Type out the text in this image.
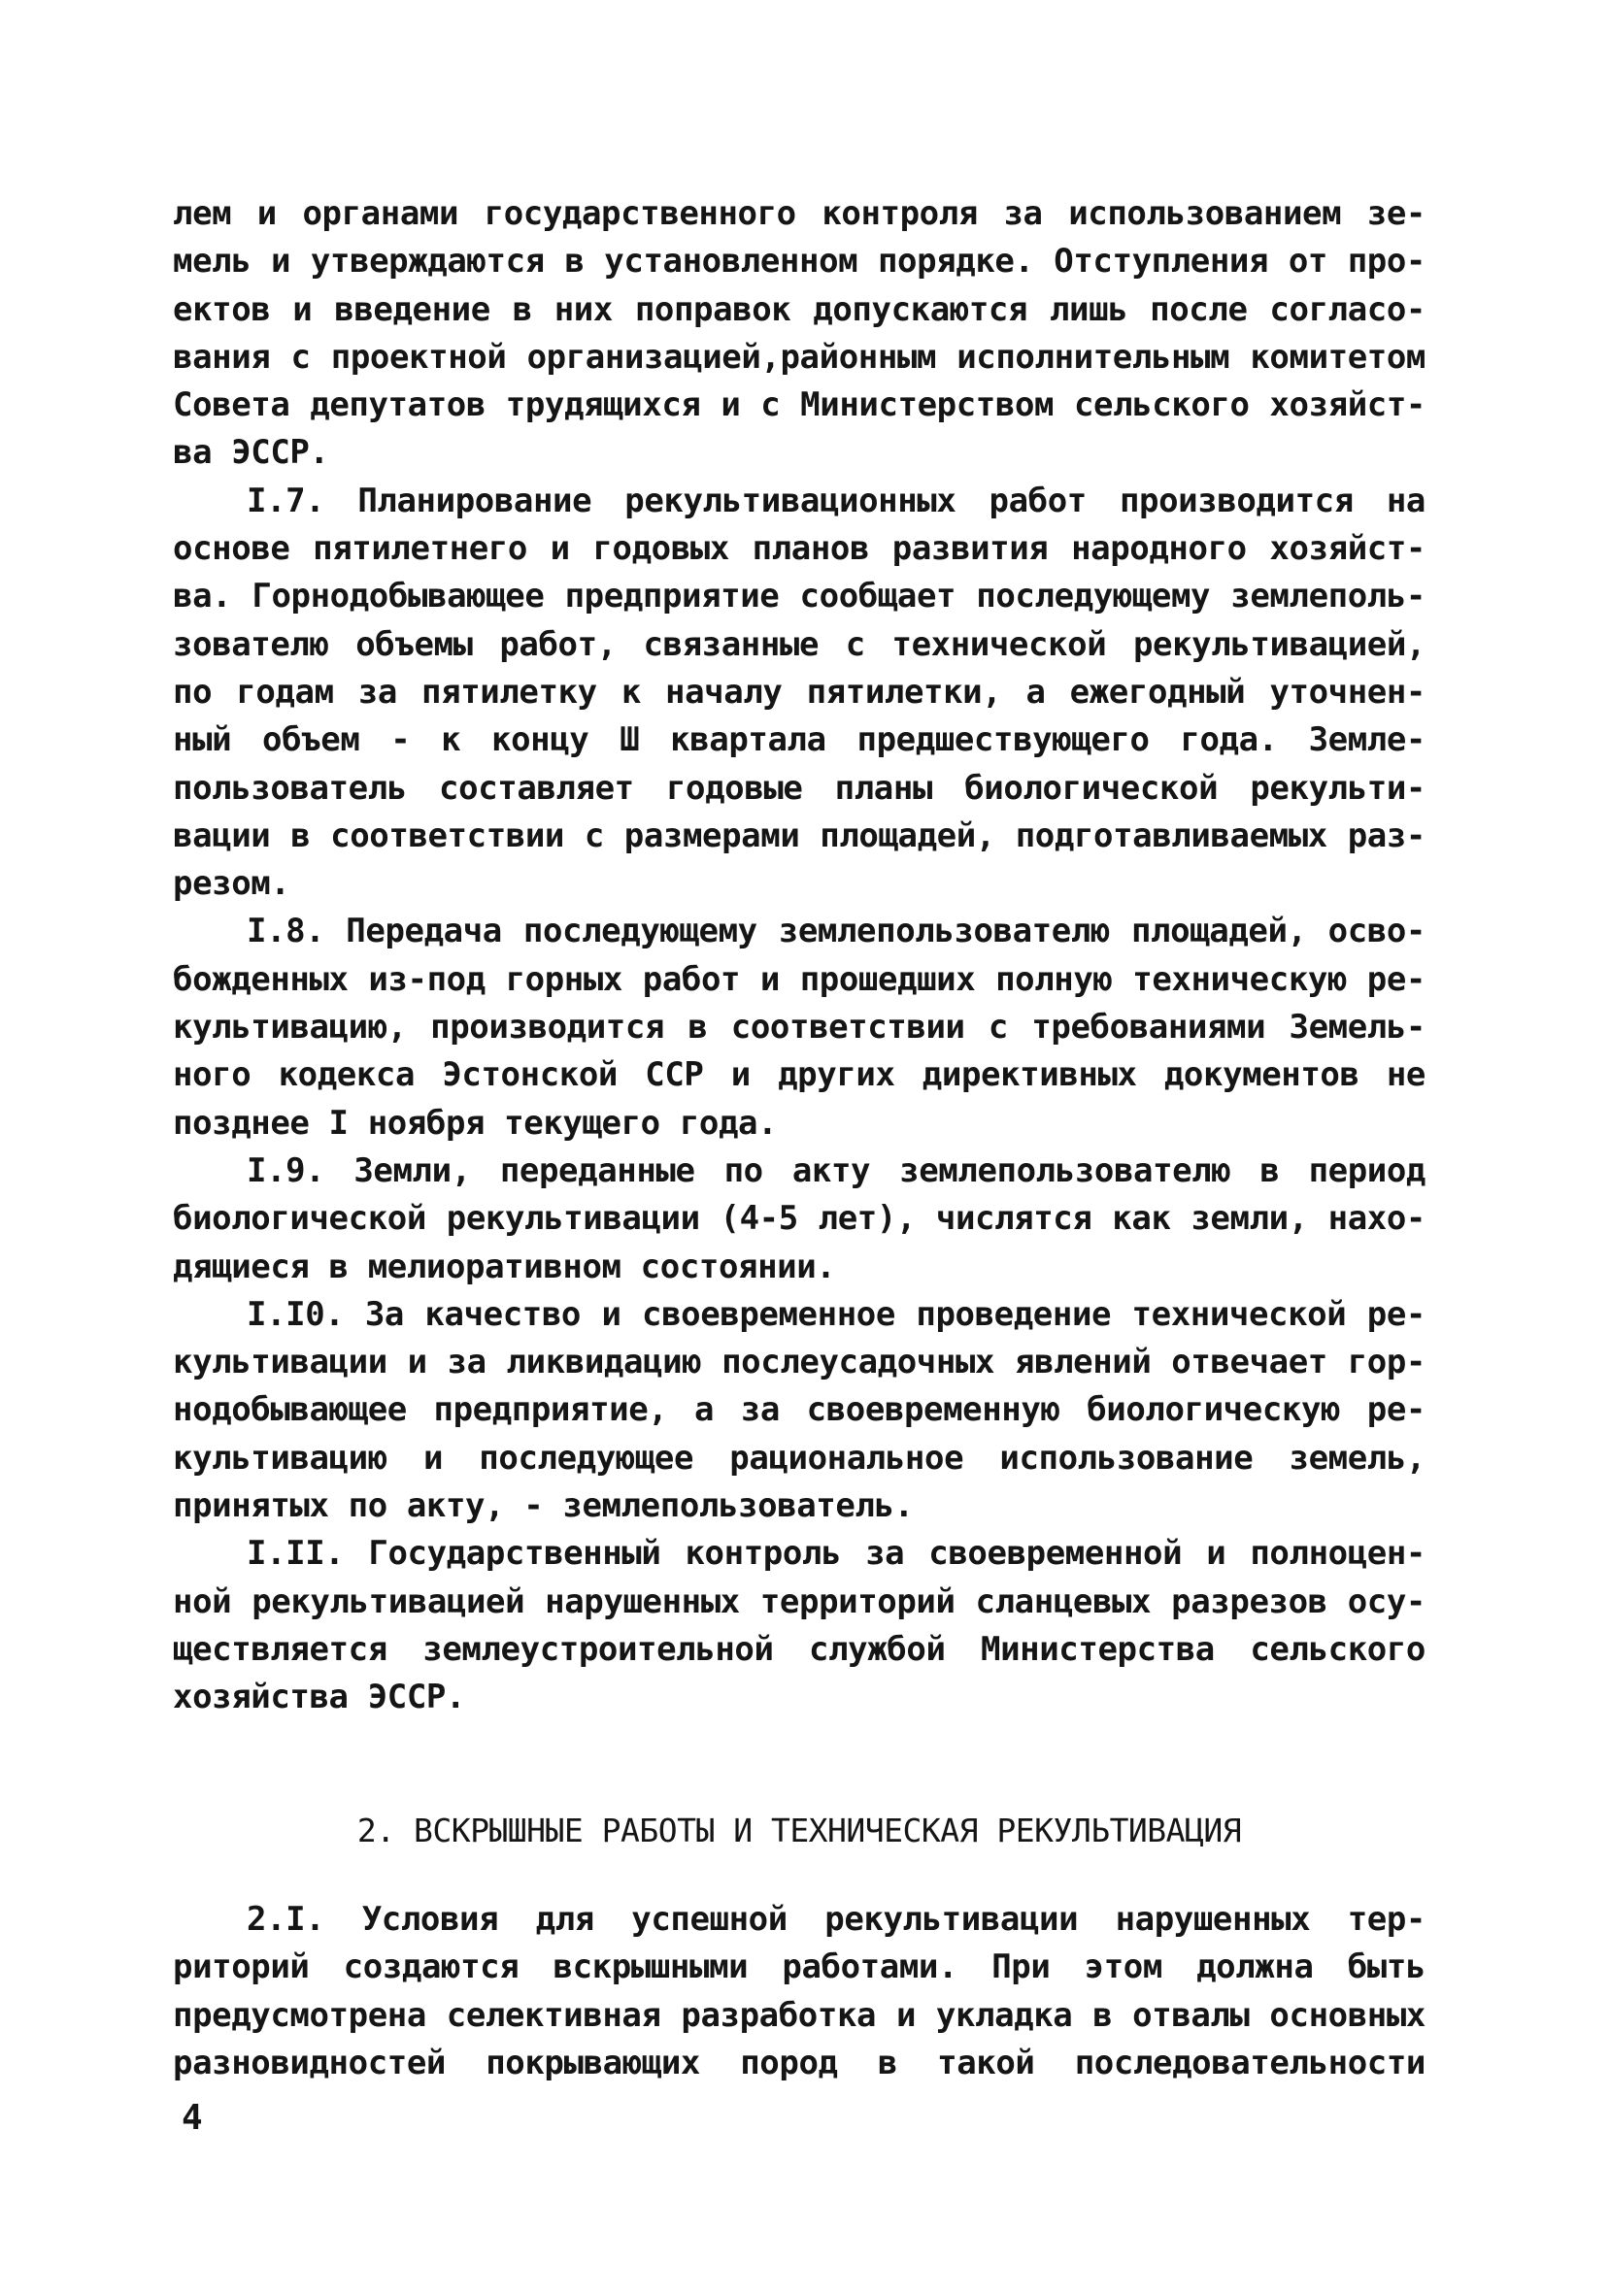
лем и органами государственного контроля за использованием зе-
мель и утверждаются в установленном порядке. Отступления от про-
ектов и введение в них поправок допускаются лишь после согласо-
вания с проектной организацией,районным исполнительным комитетом
Совета депутатов трудящихся и с Министерством сельского хозяйст-
ва ЭССР.
I.7. Планирование рекультивационных работ производится на
основе пятилетнего и годовых планов развития народного хозяйст-
ва. Горнодобывающее предприятие сообщает последующему землеполь-
зователю объемы работ, связанные с технической рекультивацией,
по годам за пятилетку к началу пятилетки, а ежегодный уточнен-
ный объем - к концу Ш квартала предшествующего года. Земле-
пользователь составляет годовые планы биологической рекульти-
вации в соответствии с размерами площадей, подготавливаемых раз-
резом.
I.8. Передача последующему землепользователю площадей, осво-
божденных из-под горных работ и прошедших полную техническую ре-
культивацию, производится в соответствии с требованиями Земель-
ного кодекса Эстонской ССР и других директивных документов не
позднее I ноября текущего года.
I.9. Земли, переданные по акту землепользователю в период
биологической рекультивации (4-5 лет), числятся как земли, нахо-
дящиеся в мелиоративном состоянии.
I.I0. За качество и своевременное проведение технической ре-
культивации и за ликвидацию послеусадочных явлений отвечает гор-
нодобывающее предприятие, а за своевременную биологическую ре-
культивацию и последующее рациональное использование земель,
принятых по акту, - землепользователь.
I.II. Государственный контроль за своевременной и полноцен-
ной рекультивацией нарушенных территорий сланцевых разрезов осу-
ществляется землеустроительной службой Министерства сельского
хозяйства ЭССР.
2. ВСКРЫШНЫЕ РАБОТЫ И ТЕХНИЧЕСКАЯ РЕКУЛЬТИВАЦИЯ
2.I. Условия для успешной рекультивации нарушенных тер-
риторий создаются вскрышными работами. При этом должна быть
предусмотрена селективная разработка и укладка в отвалы основных
разновидностей покрывающих пород в такой последовательности
4
